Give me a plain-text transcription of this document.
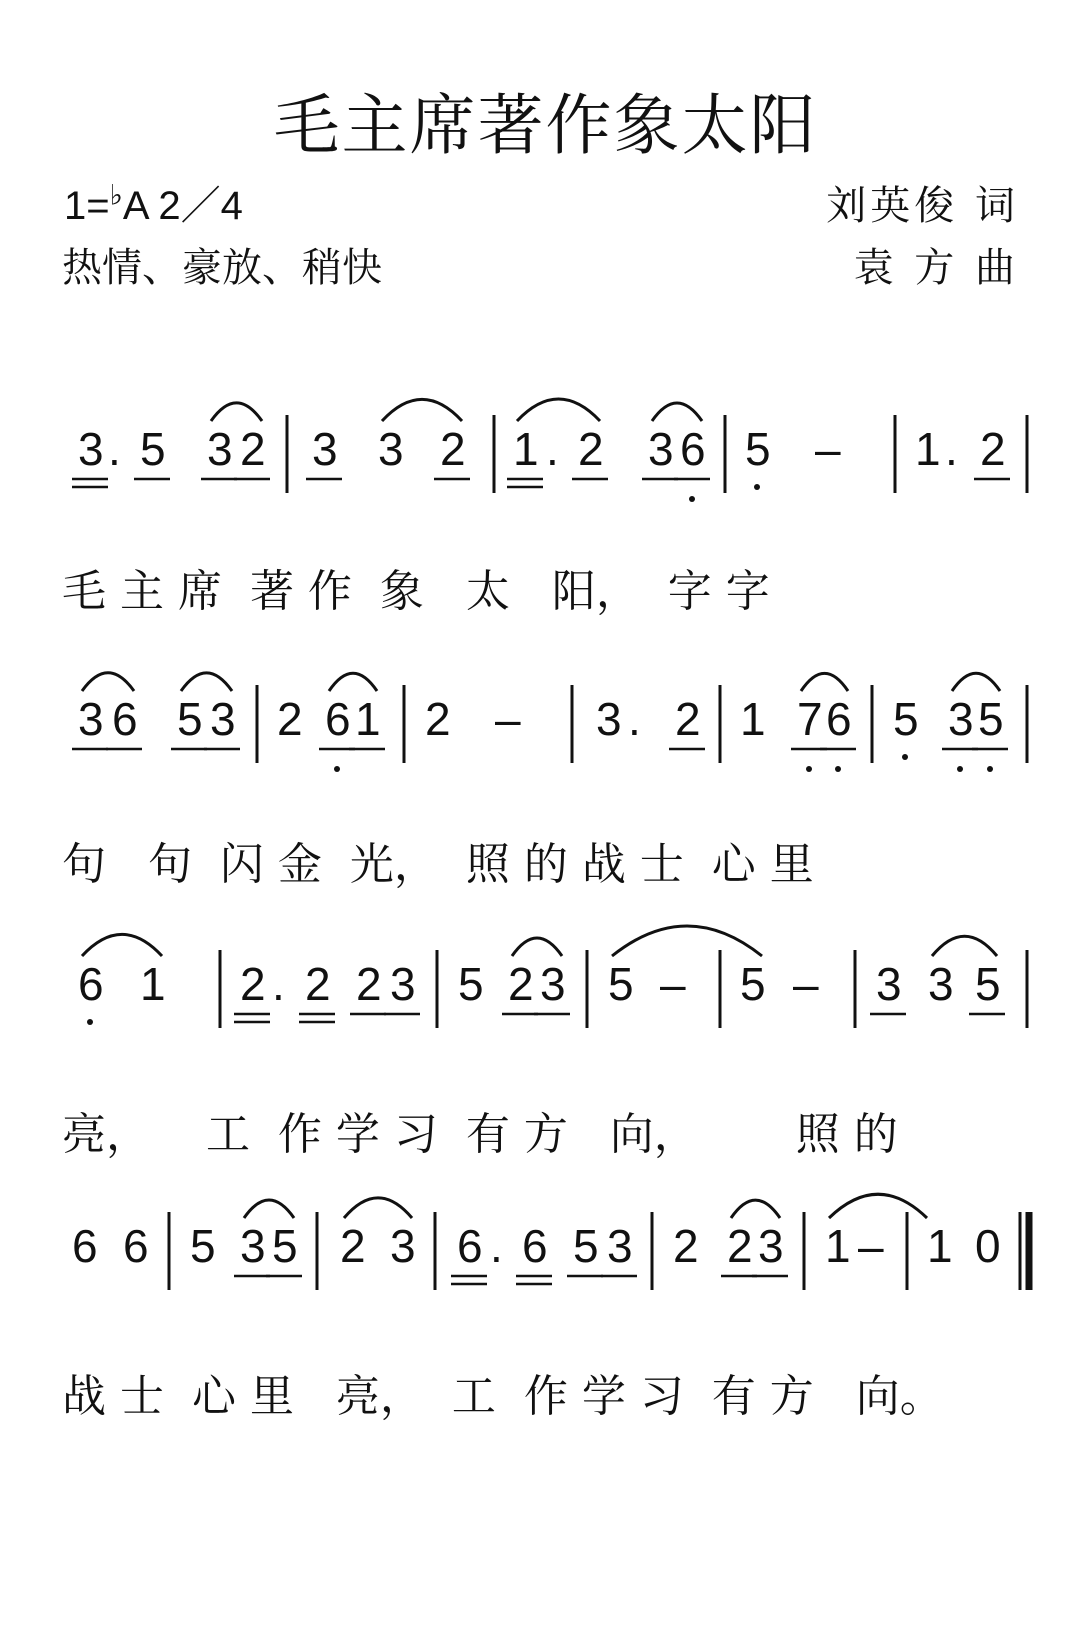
毛主席著作象太阳
1=♭A 2／4
热情、豪放、稍快
刘英俊 词
袁 方 曲
3 . 5 3 2 3 3 2 1 . 2 3 6 5 – 1 . 2
3 6 5 3 2 6 1 2 – 3 . 2 1 7 6 5 3 5
6 1 2 . 2 2 3 5 2 3 5 – 5 – 3 3 5
6 6 5 3 5 2 3 6 . 6 5 3 2 2 3 1 – 1 0
毛 主 席  著 作  象   太   阳，  字 字
句   句  闪 金  光，  照 的 战 士  心 里
亮，    工  作 学 习  有 方   向，       照 的
战 士  心 里   亮，  工  作 学 习  有 方   向。
